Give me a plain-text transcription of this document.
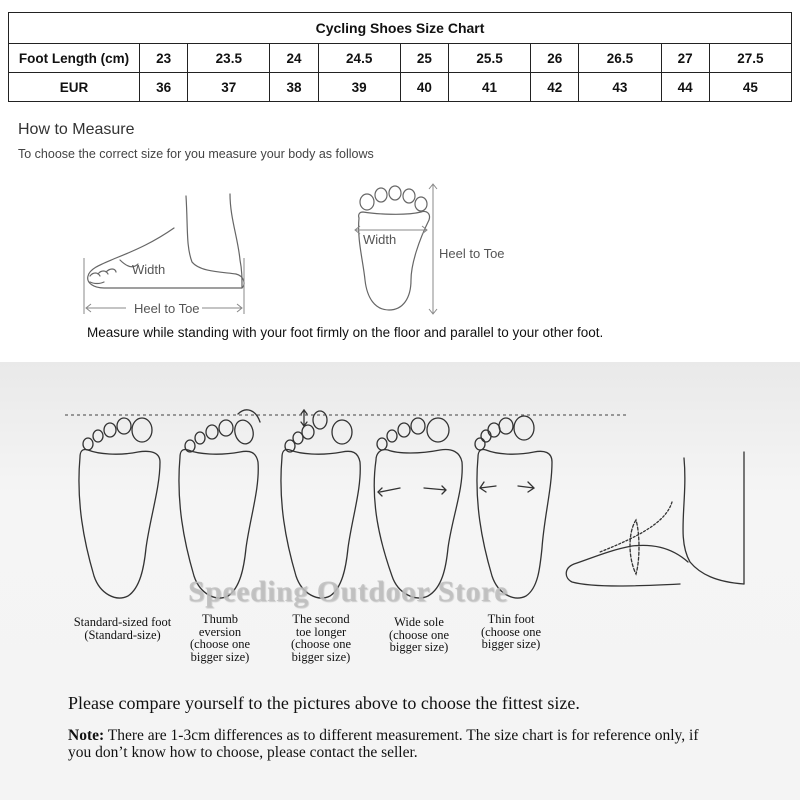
Cycling Shoes Size Chart										
Foot Length (cm)	23	23.5	24	24.5	25	25.5	26	26.5	27	27.5
EUR	36	37	38	39	40	41	42	43	44	45
How to Measure
To choose the correct size for you measure your body as follows
Width
Heel to Toe
Width
Heel to Toe
Measure while standing with your foot firmly on the floor and parallel to your other foot.
Standard-sized foot
(Standard-size)
Thumb
eversion
(choose one
bigger size)
The second
toe longer
(choose one
bigger size)
Wide sole
(choose one
bigger size)
Thin foot
(choose one
bigger size)
Speeding Outdoor Store
Please compare yourself to the pictures above to choose the fittest size.
Note: There are 1-3cm differences as to different measurement. The size chart is for reference only, if you don’t know how to choose, please contact the seller.
